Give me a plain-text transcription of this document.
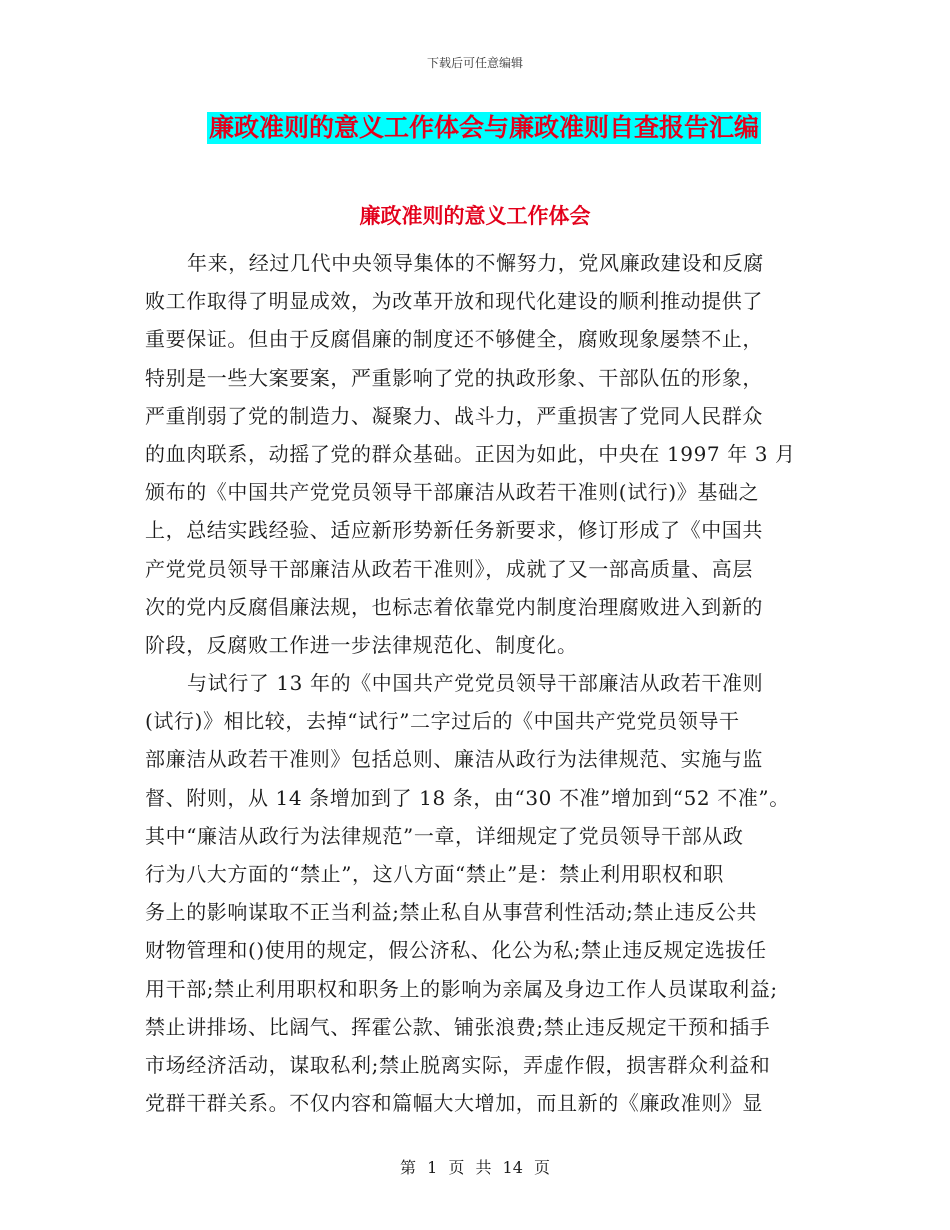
下载后可任意编辑
廉政准则的意义工作体会与廉政准则自查报告汇编
廉政准则的意义工作体会
年来，经过几代中央领导集体的不懈努力，党风廉政建设和反腐
败工作取得了明显成效，为改革开放和现代化建设的顺利推动提供了
重要保证。但由于反腐倡廉的制度还不够健全，腐败现象屡禁不止，
特别是一些大案要案，严重影响了党的执政形象、干部队伍的形象，
严重削弱了党的制造力、凝聚力、战斗力，严重损害了党同人民群众
的血肉联系，动摇了党的群众基础。正因为如此，中央在 1997 年 3 月
颁布的《中国共产党党员领导干部廉洁从政若干准则(试行)》基础之
上，总结实践经验、适应新形势新任务新要求，修订形成了《中国共
产党党员领导干部廉洁从政若干准则》，成就了又一部高质量、高层
次的党内反腐倡廉法规，也标志着依靠党内制度治理腐败进入到新的
阶段，反腐败工作进一步法律规范化、制度化。
与试行了 13 年的《中国共产党党员领导干部廉洁从政若干准则
(试行)》相比较，去掉“试行”二字过后的《中国共产党党员领导干
部廉洁从政若干准则》包括总则、廉洁从政行为法律规范、实施与监
督、附则，从 14 条增加到了 18 条，由“30 不准”增加到“52 不准”。
其中“廉洁从政行为法律规范”一章，详细规定了党员领导干部从政
行为八大方面的“禁止”，这八方面“禁止”是：禁止利用职权和职
务上的影响谋取不正当利益;禁止私自从事营利性活动;禁止违反公共
财物管理和()使用的规定，假公济私、化公为私;禁止违反规定选拔任
用干部;禁止利用职权和职务上的影响为亲属及身边工作人员谋取利益;
禁止讲排场、比阔气、挥霍公款、铺张浪费;禁止违反规定干预和插手
市场经济活动，谋取私利;禁止脱离实际，弄虚作假，损害群众利益和
党群干群关系。不仅内容和篇幅大大增加，而且新的《廉政准则》显
第 1 页 共 14 页
